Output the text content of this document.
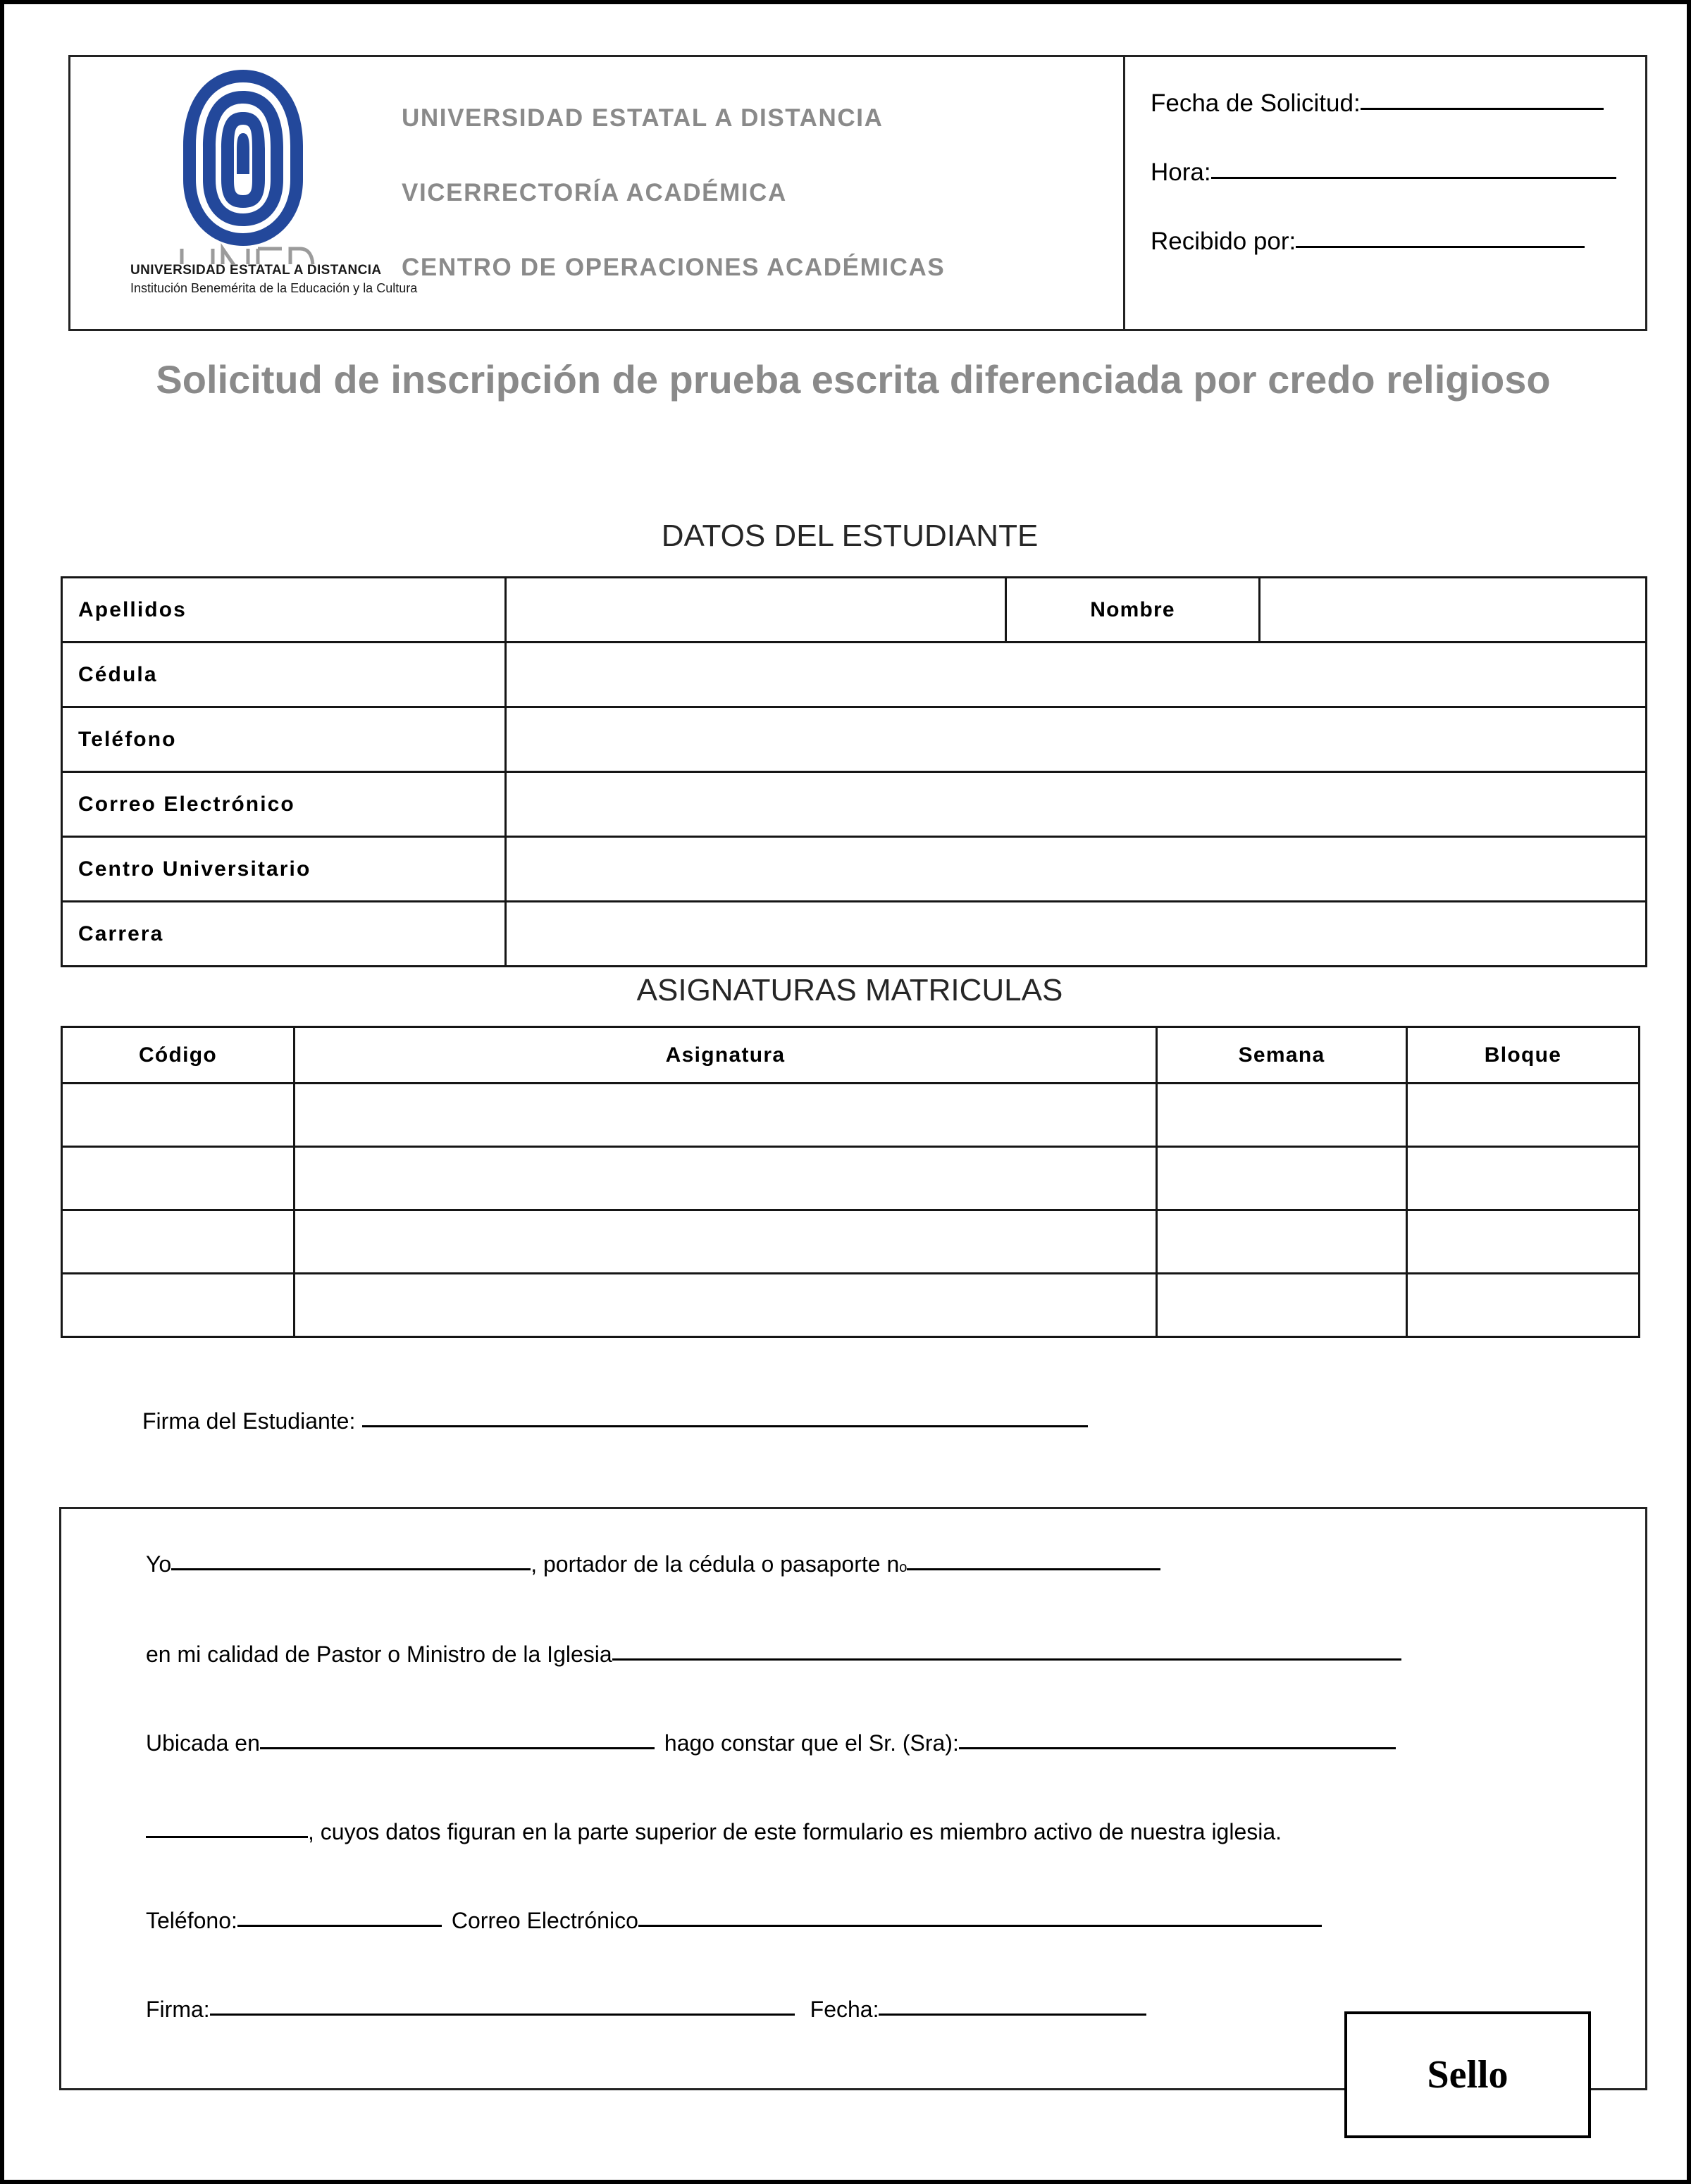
UNIVERSIDAD ESTATAL A DISTANCIA
Institución Benemérita de la Educación y la Cultura
UNIVERSIDAD ESTATAL A DISTANCIA
VICERRECTORÍA ACADÉMICA
CENTRO DE OPERACIONES ACADÉMICAS
Fecha de Solicitud:
Hora:
Recibido por:
Solicitud de inscripción de prueba escrita diferenciada por credo religioso
DATOS DEL ESTUDIANTE
Apellidos		Nombre	
Cédula			
Teléfono			
Correo Electrónico			
Centro Universitario			
Carrera			
ASIGNATURAS MATRICULAS
Código	Asignatura	Semana	Bloque

Firma del Estudiante:
Yo	, portador de la cédula o pasaporte n o
en mi calidad de Pastor o Ministro de la Iglesia
Ubicada en	hago constar que el Sr. (Sra):
, cuyos datos figuran en la parte superior de este formulario es miembro activo de nuestra iglesia.
Teléfono:	Correo Electrónico
Firma:	Fecha:
Sello
